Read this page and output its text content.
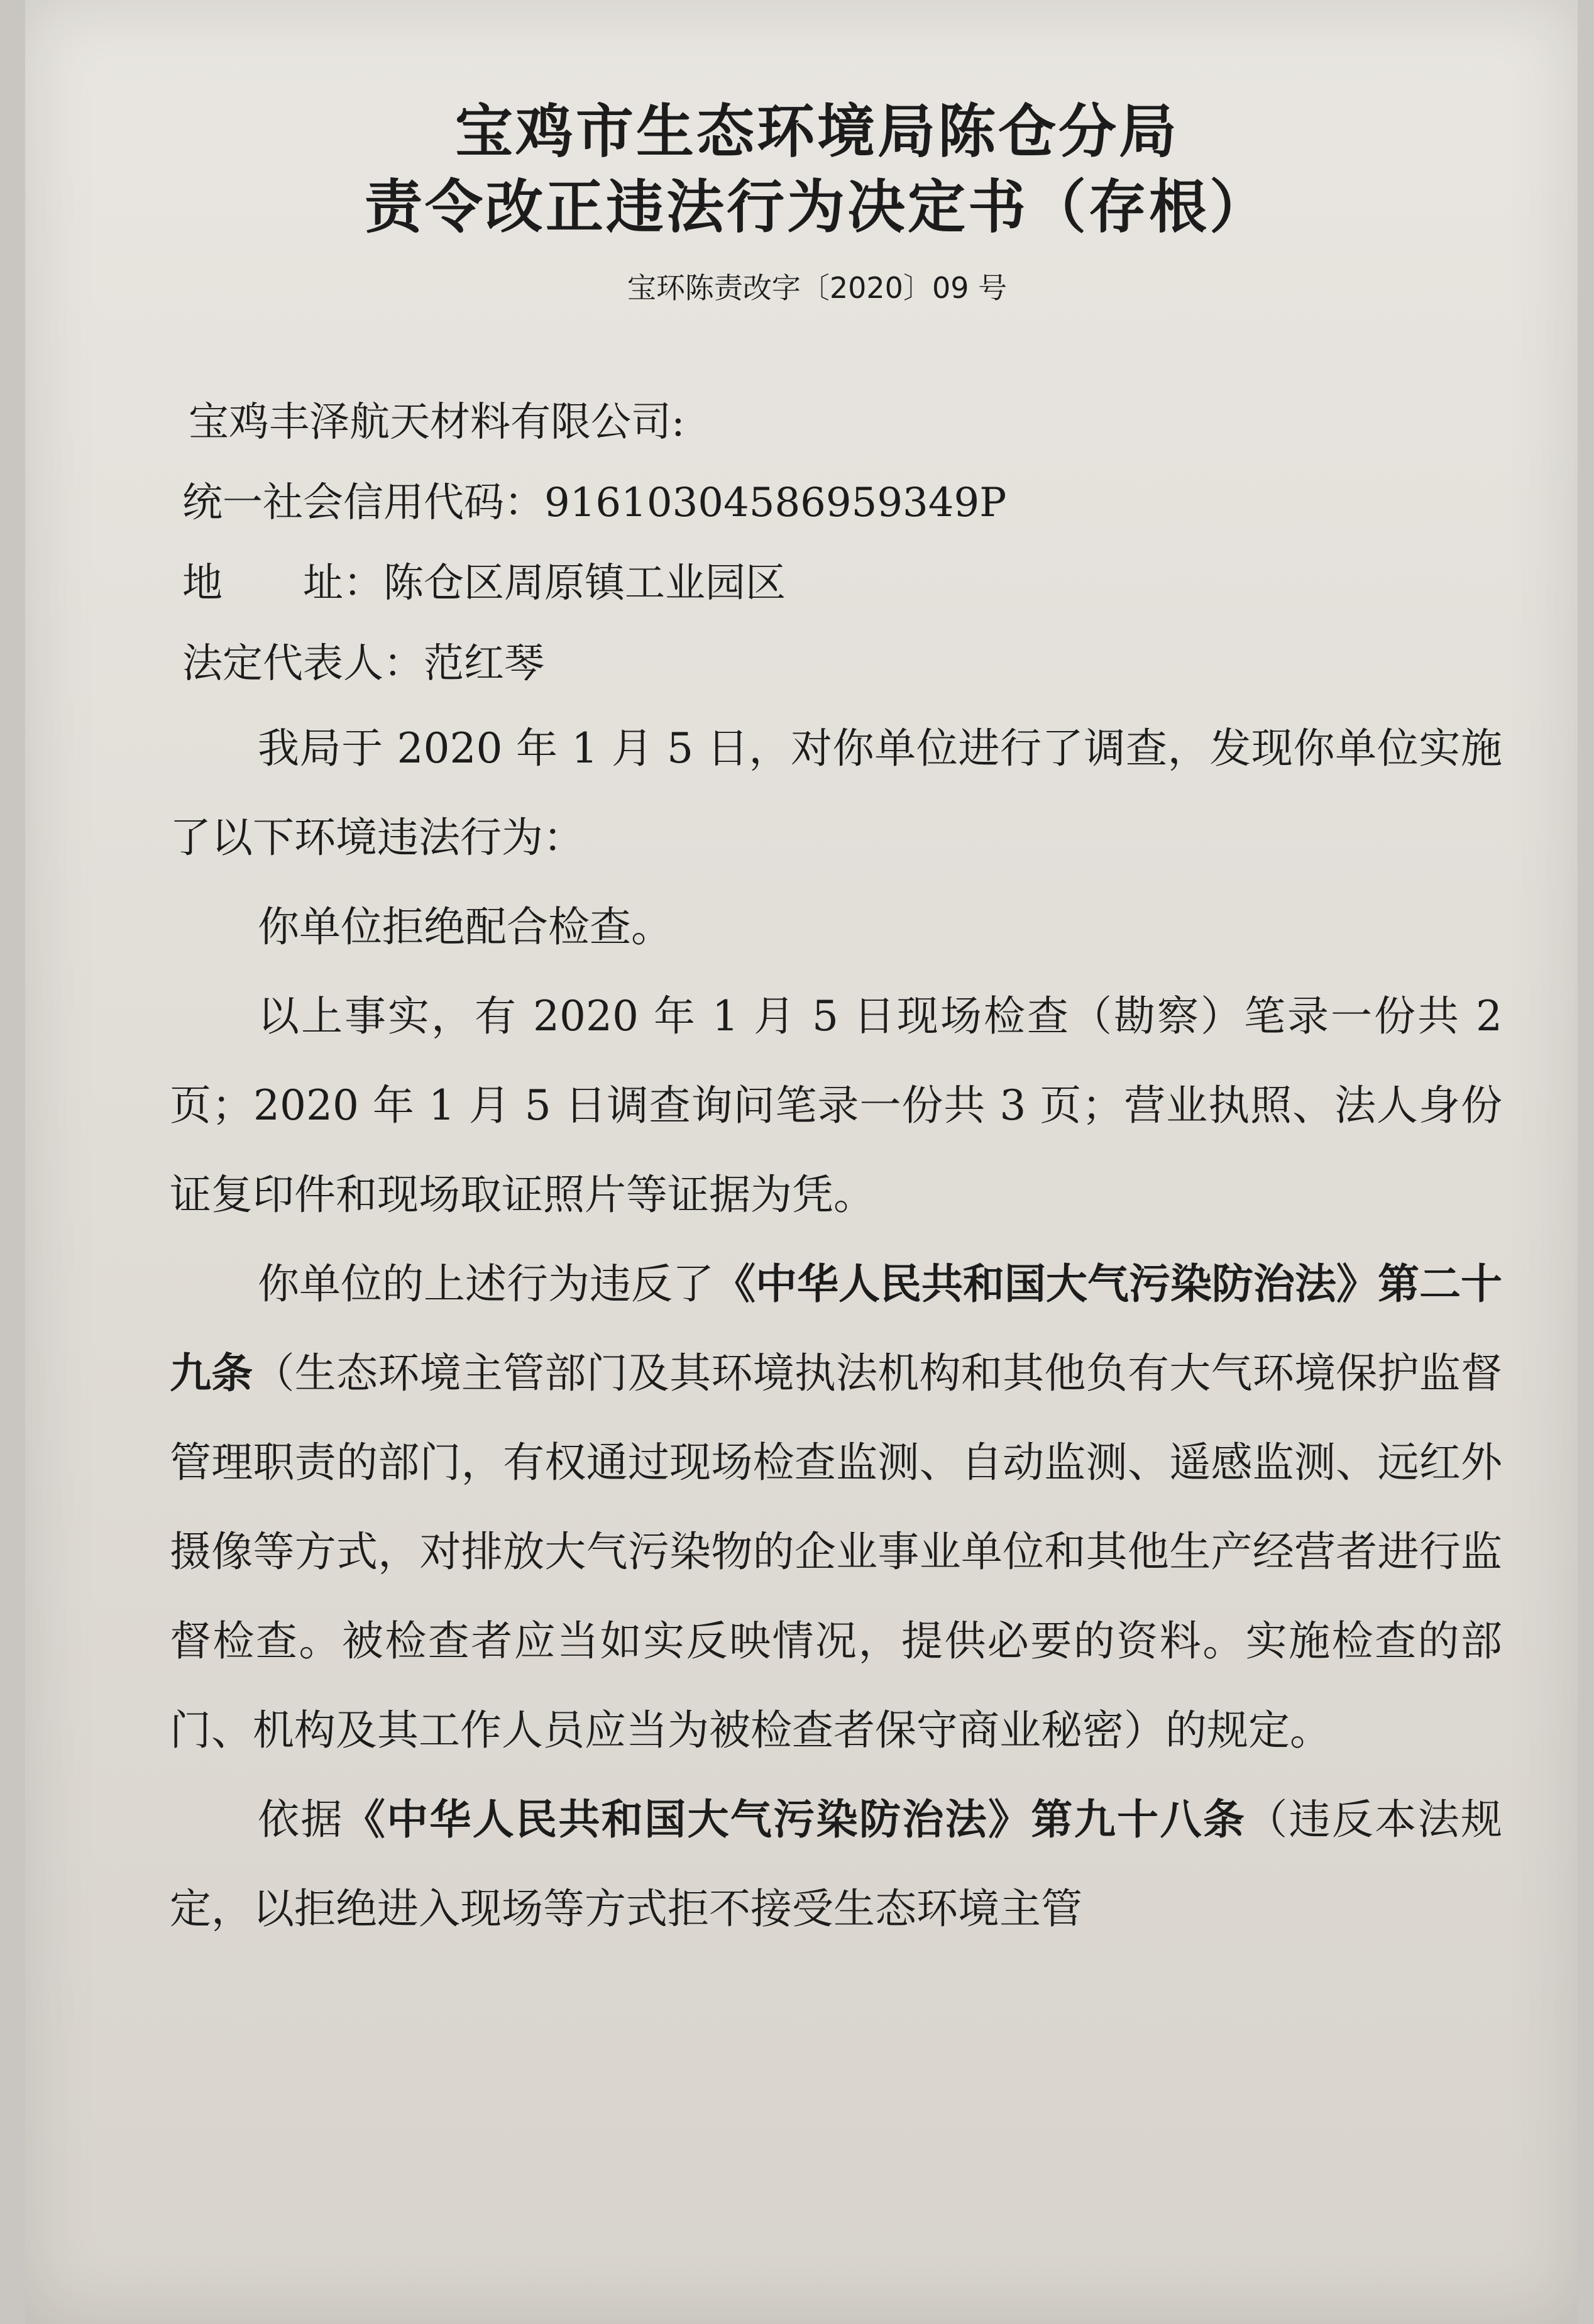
宝鸡市生态环境局陈仓分局
责令改正违法行为决定书（存根）
宝环陈责改字〔2020〕09 号
宝鸡丰泽航天材料有限公司:
统一社会信用代码：91610304586959349P
地　　址：陈仓区周原镇工业园区
法定代表人：范红琴

我局于 2020 年 1 月 5 日，对你单位进行了调查，发现你单位实施了以下环境违法行为：

你单位拒绝配合检查。

以上事实，有 2020 年 1 月 5 日现场检查（勘察）笔录一份共 2 页；2020 年 1 月 5 日调查询问笔录一份共 3 页；营业执照、法人身份证复印件和现场取证照片等证据为凭。

你单位的上述行为违反了《中华人民共和国大气污染防治法》第二十九条（生态环境主管部门及其环境执法机构和其他负有大气环境保护监督管理职责的部门，有权通过现场检查监测、自动监测、遥感监测、远红外摄像等方式，对排放大气污染物的企业事业单位和其他生产经营者进行监督检查。被检查者应当如实反映情况，提供必要的资料。实施检查的部门、机构及其工作人员应当为被检查者保守商业秘密）的规定。

依据《中华人民共和国大气污染防治法》第九十八条（违反本法规定，以拒绝进入现场等方式拒不接受生态环境主管
